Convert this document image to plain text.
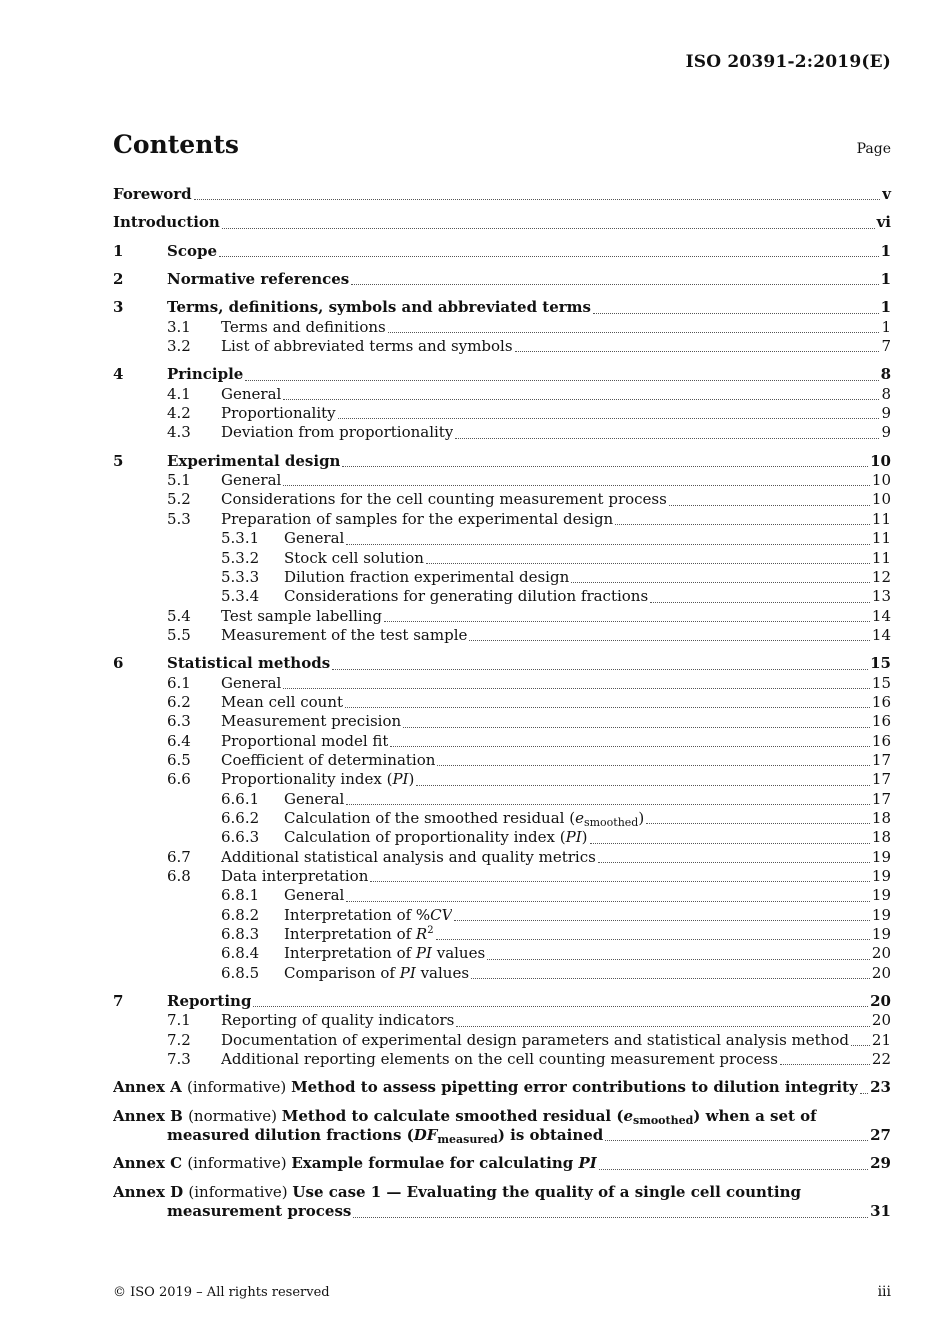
ISO 20391-2:2019(E)
Contents	Page
Foreword	v
Introduction	vi
1	Scope	1
2	Normative references	1
3	Terms, definitions, symbols and abbreviated terms	1
3.1	Terms and definitions	1
3.2	List of abbreviated terms and symbols	7
4	Principle	8
4.1	General	8
4.2	Proportionality	9
4.3	Deviation from proportionality	9
5	Experimental design	10
5.1	General	10
5.2	Considerations for the cell counting measurement process	10
5.3	Preparation of samples for the experimental design	11
5.3.1	General	11
5.3.2	Stock cell solution	11
5.3.3	Dilution fraction experimental design	12
5.3.4	Considerations for generating dilution fractions	13
5.4	Test sample labelling	14
5.5	Measurement of the test sample	14
6	Statistical methods	15
6.1	General	15
6.2	Mean cell count	16
6.3	Measurement precision	16
6.4	Proportional model fit	16
6.5	Coefficient of determination	17
6.6	Proportionality index (PI)	17
6.6.1	General	17
6.6.2	Calculation of the smoothed residual $(e_{smoothed})$	18
6.6.3	Calculation of proportionality index (PI)	18
6.7	Additional statistical analysis and quality metrics	19
6.8	Data interpretation	19
6.8.1	General	19
6.8.2	Interpretation of %CV	19
6.8.3	Interpretation of $R^2$	19
6.8.4	Interpretation of PI values	20
6.8.5	Comparison of PI values	20
7	Reporting	20
7.1	Reporting of quality indicators	20
7.2	Documentation of experimental design parameters and statistical analysis method 21
7.3	Additional reporting elements on the cell counting measurement process	22
Annex A (informative) Method to assess pipetting error contributions to dilution integrity 23
Annex B (normative) Method to calculate smoothed residual $(e_{smoothed})$ when a set of
measured dilution fractions $(DF_{measured})$ is obtained	27
Annex C (informative) Example formulae for calculating PI	29
Annex D (informative) Use case 1 — Evaluating the quality of a single cell counting
measurement process	31
© ISO 2019 – All rights reserved	iii
